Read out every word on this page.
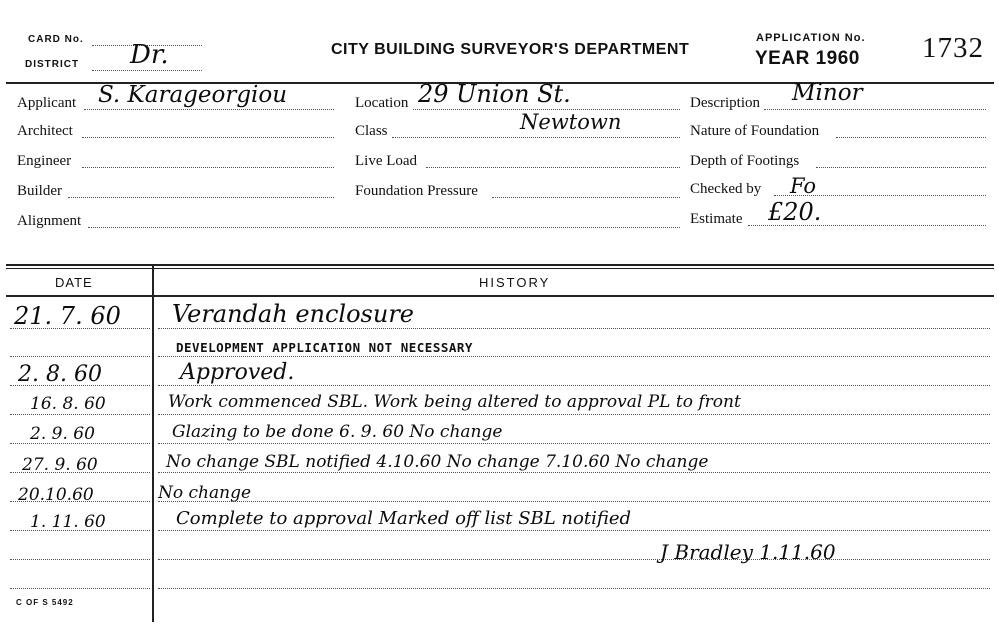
CARD No.
DISTRICT Dr.	CITY BUILDING SURVEYOR'S DEPARTMENT
APPLICATION No.
YEAR 1960 1732
Applicant S. Karageorgiou
Architect
Engineer
Builder
Alignment
Location 29 Union St.
Class	Newtown
Live Load
Foundation Pressure
Description Minor
Nature of Foundation
Depth of Footings
Checked by Fo
Estimate £20.
DATE	HISTORY
21. 7. 60 Verandah enclosure
DEVELOPMENT APPLICATION NOT NECESSARY
2. 8. 60	Approved.
16. 8. 60	Work commenced SBL. Work being altered to approval PL to front
2. 9. 60	Glazing to be done 6. 9. 60 No change
27. 9. 60	No change SBL notified 4.10.60 No change 7.10.60 No change
20.10.60	No change
1. 11. 60	Complete to approval Marked off list SBL notified
J Bradley 1.11.60
C OF S 5492
